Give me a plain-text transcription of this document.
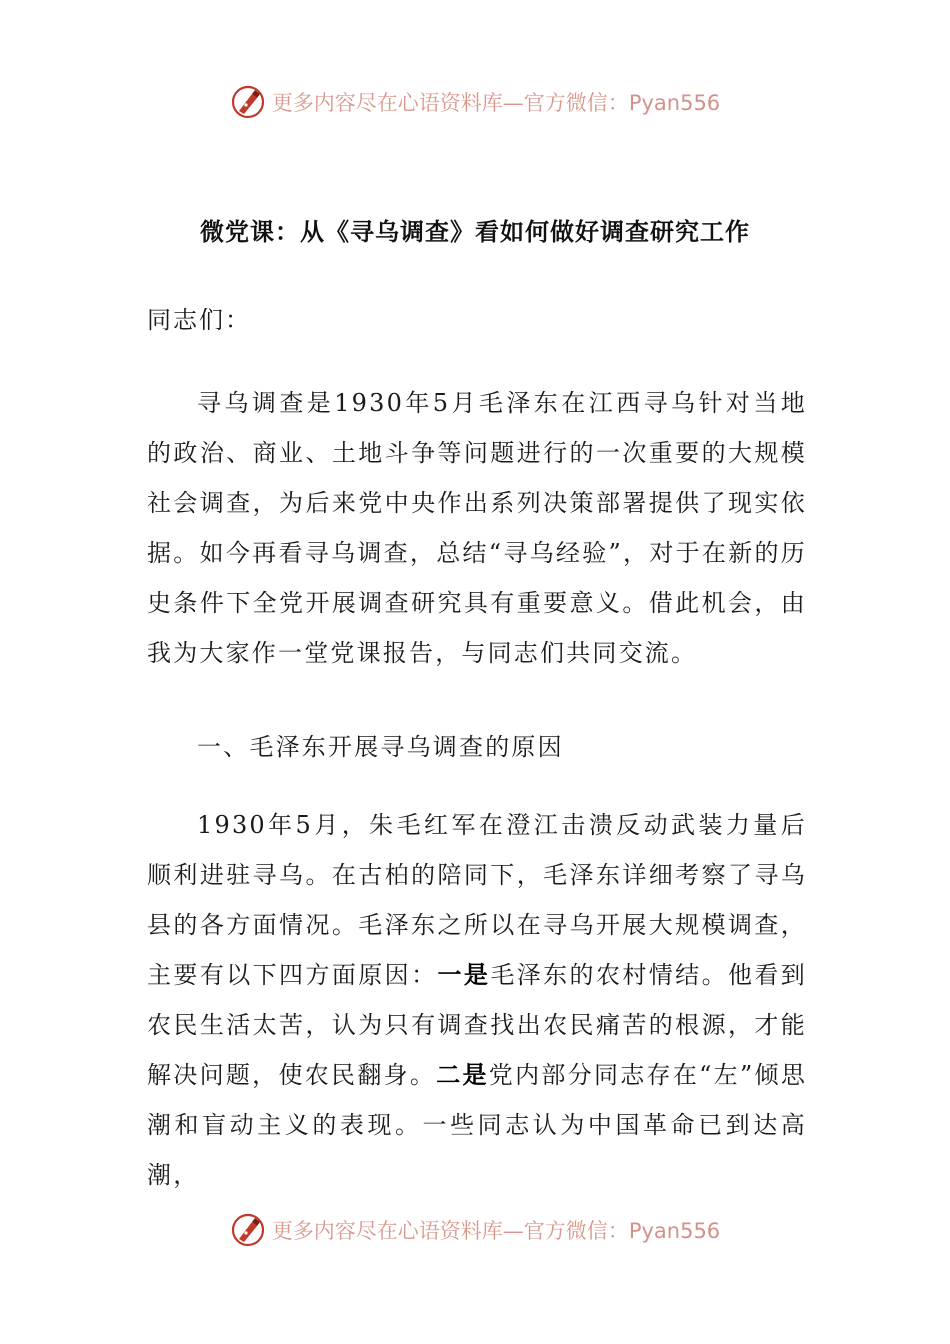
更多内容尽在心语资料库—官方微信：Pyan556
微党课：从《寻乌调查》看如何做好调查研究工作
同志们：

寻乌调查是1930年5月毛泽东在江西寻乌针对当地的政治、商业、土地斗争等问题进行的一次重要的大规模社会调查，为后来党中央作出系列决策部署提供了现实依据。如今再看寻乌调查，总结“寻乌经验”，对于在新的历史条件下全党开展调查研究具有重要意义。借此机会，由我为大家作一堂党课报告，与同志们共同交流。

一、毛泽东开展寻乌调查的原因

1930年5月，朱毛红军在澄江击溃反动武装力量后顺利进驻寻乌。在古柏的陪同下，毛泽东详细考察了寻乌县的各方面情况。毛泽东之所以在寻乌开展大规模调查，主要有以下四方面原因：一是毛泽东的农村情结。他看到农民生活太苦，认为只有调查找出农民痛苦的根源，才能解决问题，使农民翻身。二是党内部分同志存在“左”倾思潮和盲动主义的表现。一些同志认为中国革命已到达高潮，

更多内容尽在心语资料库—官方微信：Pyan556
